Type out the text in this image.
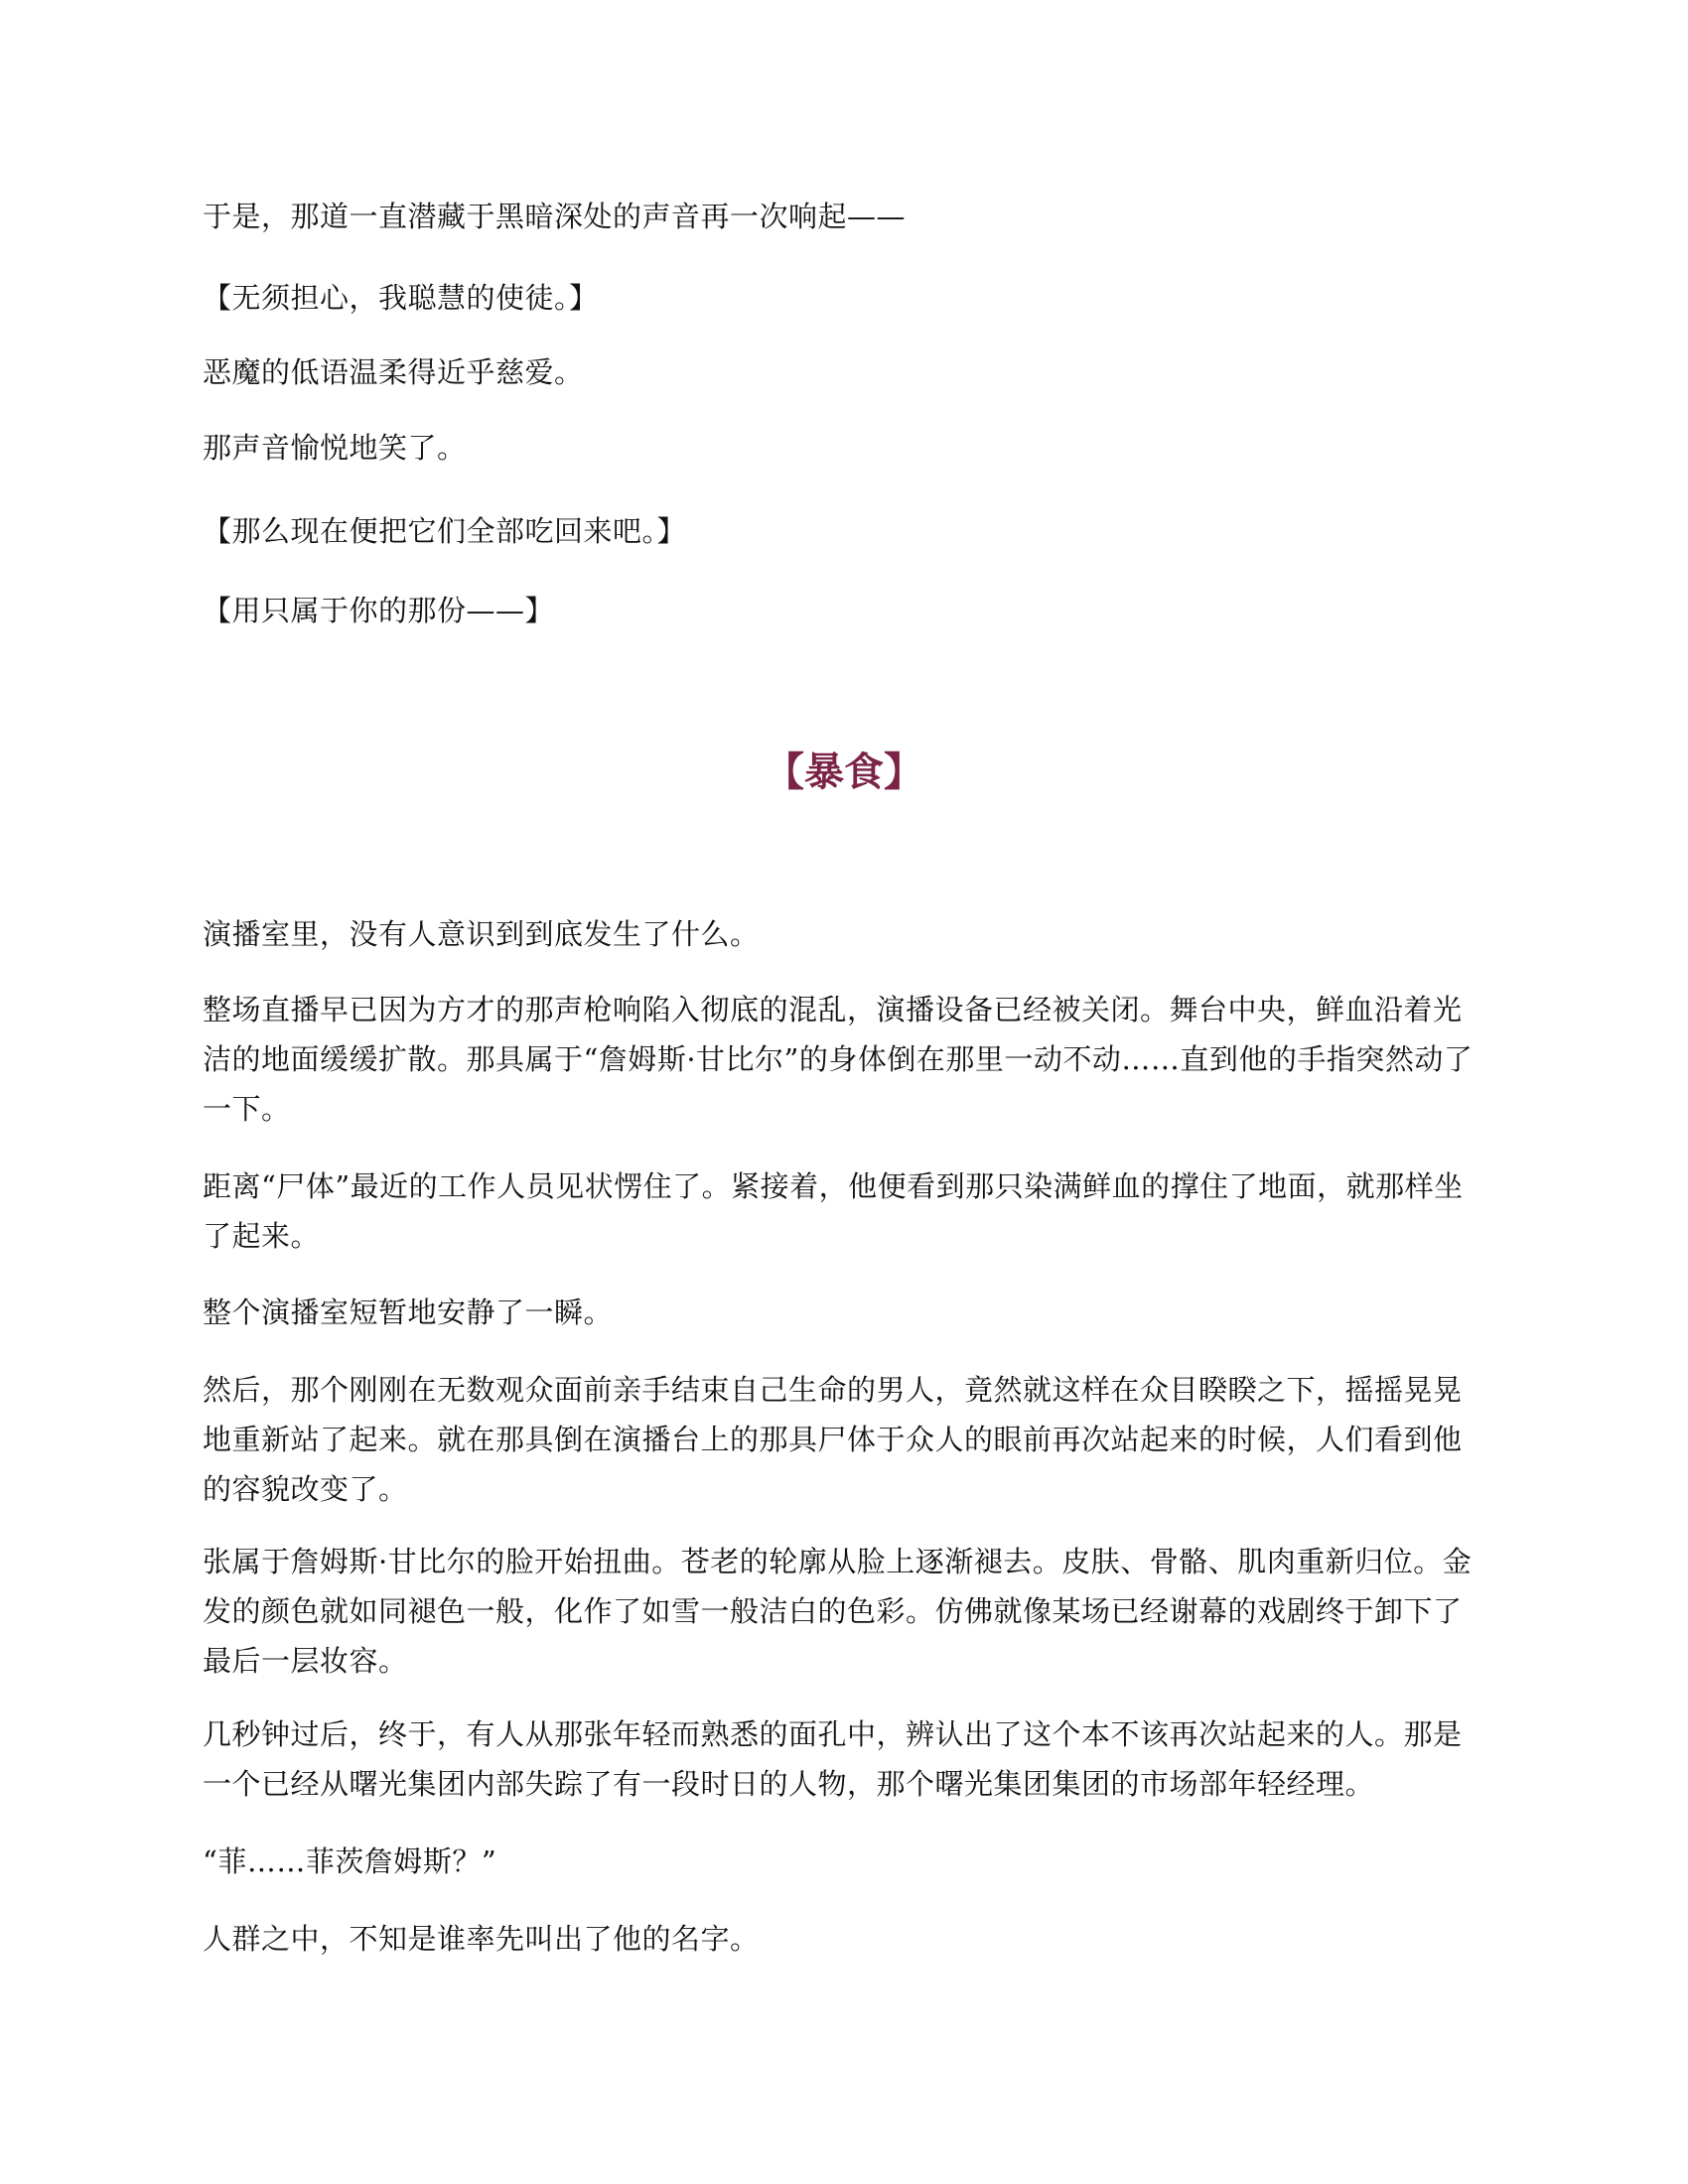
于是，那道一直潜藏于黑暗深处的声音再一次响起——

【无须担心，我聪慧的使徒。】

恶魔的低语温柔得近乎慈爱。

那声音愉悦地笑了。

【那么现在便把它们全部吃回来吧。】

【用只属于你的那份——】

【暴食】

演播室里，没有人意识到到底发生了什么。

整场直播早已因为方才的那声枪响陷入彻底的混乱，演播设备已经被关闭。舞台中央，鲜血沿着光洁的地面缓缓扩散。那具属于“詹姆斯·甘比尔”的身体倒在那里一动不动……直到他的手指突然动了一下。

距离“尸体”最近的工作人员见状愣住了。紧接着，他便看到那只染满鲜血的撑住了地面，就那样坐了起来。

整个演播室短暂地安静了一瞬。

然后，那个刚刚在无数观众面前亲手结束自己生命的男人，竟然就这样在众目睽睽之下，摇摇晃晃地重新站了起来。就在那具倒在演播台上的那具尸体于众人的眼前再次站起来的时候，人们看到他的容貌改变了。

张属于詹姆斯·甘比尔的脸开始扭曲。苍老的轮廓从脸上逐渐褪去。皮肤、骨骼、肌肉重新归位。金发的颜色就如同褪色一般，化作了如雪一般洁白的色彩。仿佛就像某场已经谢幕的戏剧终于卸下了最后一层妆容。

几秒钟过后，终于，有人从那张年轻而熟悉的面孔中，辨认出了这个本不该再次站起来的人。那是一个已经从曙光集团内部失踪了有一段时日的人物，那个曙光集团集团的市场部年轻经理。

“菲……菲茨詹姆斯？”

人群之中，不知是谁率先叫出了他的名字。
